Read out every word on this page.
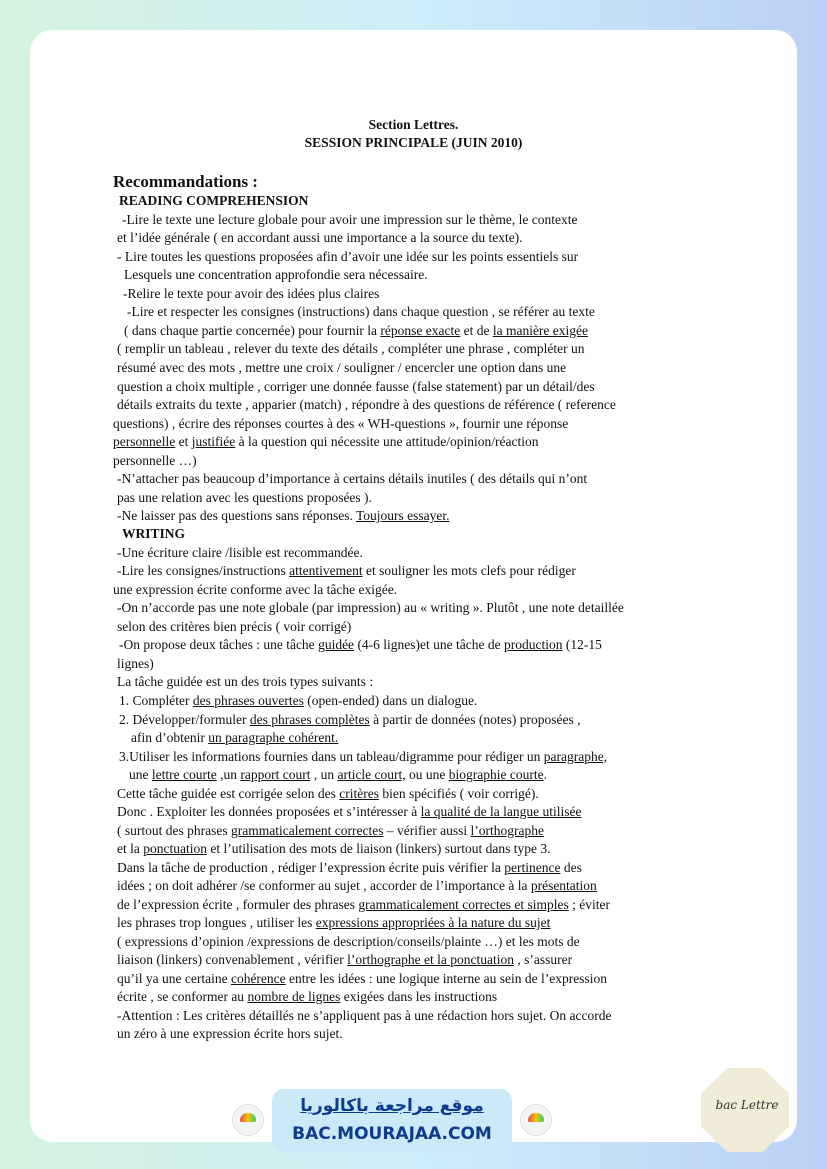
Section Lettres.
SESSION PRINCIPALE (JUIN 2010)
Recommandations :
READING COMPREHENSION
-Lire le texte une lecture globale pour avoir une impression sur le thème, le contexte
et l’idée générale ( en accordant aussi une importance a la source du texte).
- Lire toutes les questions proposées afin d’avoir une idée sur les points essentiels sur
Lesquels une concentration approfondie sera nécessaire.
-Relire le texte pour avoir des idées plus claires
-Lire et respecter les consignes (instructions) dans chaque question , se référer au texte
( dans chaque partie concernée) pour fournir la réponse exacte et de la manière exigée
( remplir un tableau , relever du texte des détails , compléter une phrase , compléter un
résumé avec des mots , mettre une croix / souligner / encercler une option dans une
question a choix multiple , corriger une donnée fausse (false statement) par un détail/des
détails extraits du texte , apparier (match) , répondre à des questions de référence ( reference
questions) , écrire des réponses courtes à des « WH-questions », fournir une réponse
personnelle et justifiée à la question qui nécessite une attitude/opinion/réaction
personnelle …)
-N’attacher pas beaucoup d’importance à certains détails inutiles ( des détails qui n’ont
pas une relation avec les questions proposées ).
-Ne laisser pas des questions sans réponses. Toujours essayer.
WRITING
-Une écriture claire /lisible est recommandée.
-Lire les consignes/instructions attentivement et souligner les mots clefs pour rédiger
une expression écrite conforme avec la tâche exigée.
-On n’accorde pas une note globale (par impression) au « writing ». Plutôt , une note detaillée
selon des critères bien précis ( voir corrigé)
-On propose deux tâches : une tâche guidée (4-6 lignes)et une tâche de production (12-15
lignes)
La tâche guidée est un des trois types suivants :
1. Compléter des phrases ouvertes (open-ended) dans un dialogue.
2. Développer/formuler des phrases complètes à partir de données (notes) proposées ,
afin d’obtenir un paragraphe cohérent.
3.Utiliser les informations fournies dans un tableau/digramme pour rédiger un paragraphe,
une lettre courte ,un rapport court , un article court, ou une biographie courte.
Cette tâche guidée est corrigée selon des critères bien spécifiés ( voir corrigé).
Donc . Exploiter les données proposées et s’intéresser à la qualité de la langue utilisée
( surtout des phrases grammaticalement correctes – vérifier aussi l’orthographe
et la ponctuation et l’utilisation des mots de liaison (linkers) surtout dans type 3.
Dans la tâche de production , rédiger l’expression écrite puis vérifier la pertinence des
idées ; on doit adhérer /se conformer au sujet , accorder de l’importance à la présentation
de l’expression écrite , formuler des phrases grammaticalement correctes et simples ; éviter
les phrases trop longues , utiliser les expressions appropriées à la nature du sujet
( expressions d’opinion /expressions de description/conseils/plainte …) et les mots de
liaison (linkers) convenablement , vérifier l’orthographe et la ponctuation , s’assurer
qu’il ya une certaine cohérence entre les idées : une logique interne au sein de l’expression
écrite , se conformer au nombre de lignes exigées dans les instructions
-Attention : Les critères détaillés ne s’appliquent pas à une rédaction hors sujet. On accorde
un zéro à une expression écrite hors sujet.
موقع مراجعة باكالوريا
BAC.MOURAJAA.COM
bac Lettre
